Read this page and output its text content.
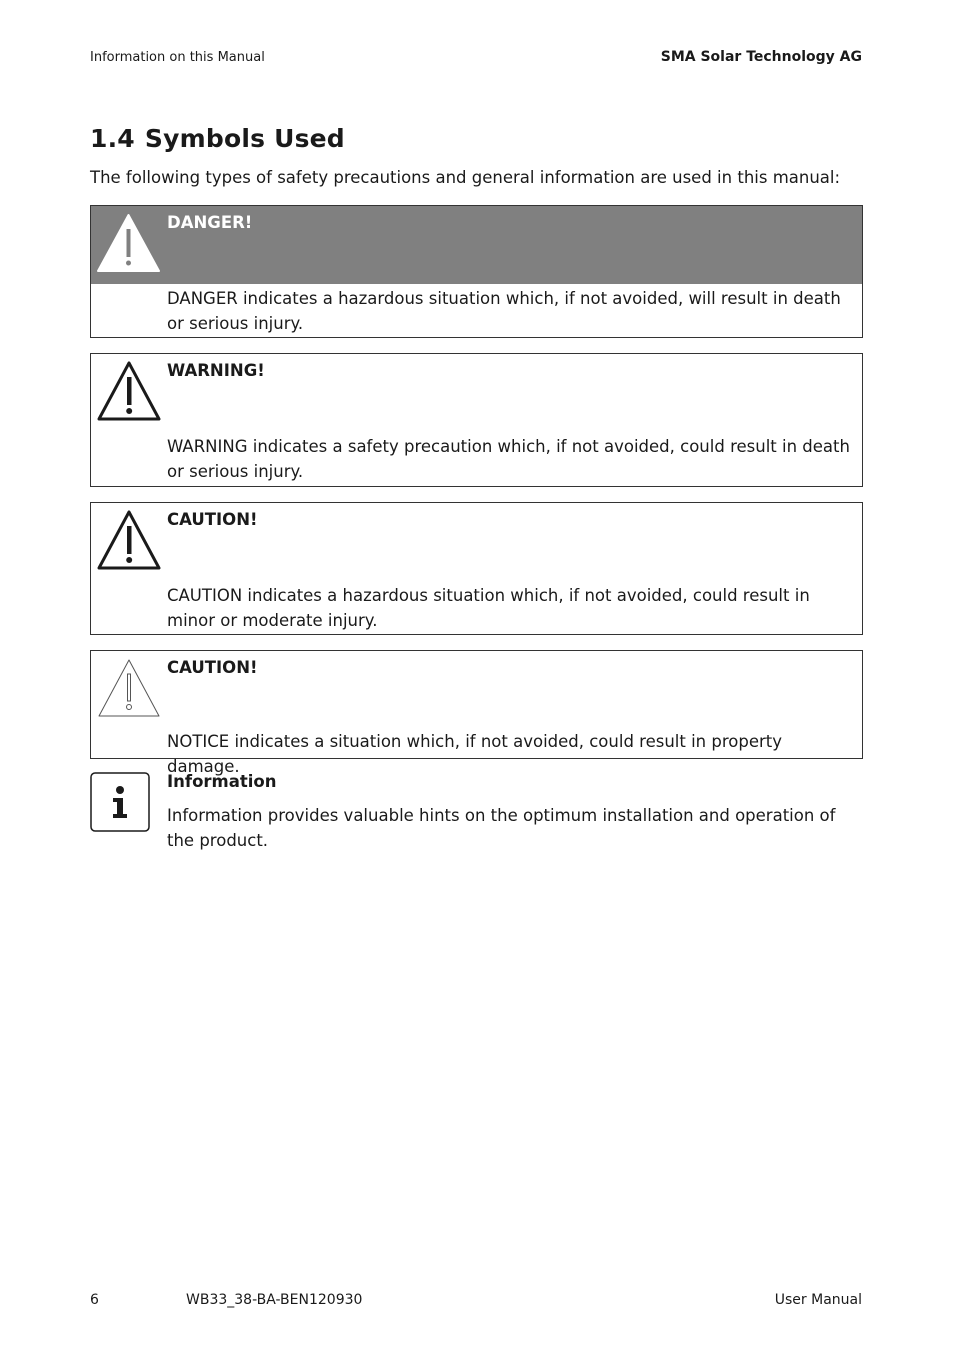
Information on this Manual	SMA Solar Technology AG
1.4 Symbols Used

The following types of safety precautions and general information are used in this manual:

DANGER!
DANGER indicates a hazardous situation which, if not avoided, will result in death or serious injury.
WARNING!
WARNING indicates a safety precaution which, if not avoided, could result in death or serious injury.
CAUTION!
CAUTION indicates a hazardous situation which, if not avoided, could result in minor or moderate injury.
CAUTION!
NOTICE indicates a situation which, if not avoided, could result in property damage.
Information
Information provides valuable hints on the optimum installation and operation of the product.
6	WB33_38-BA-BEN120930	User Manual
